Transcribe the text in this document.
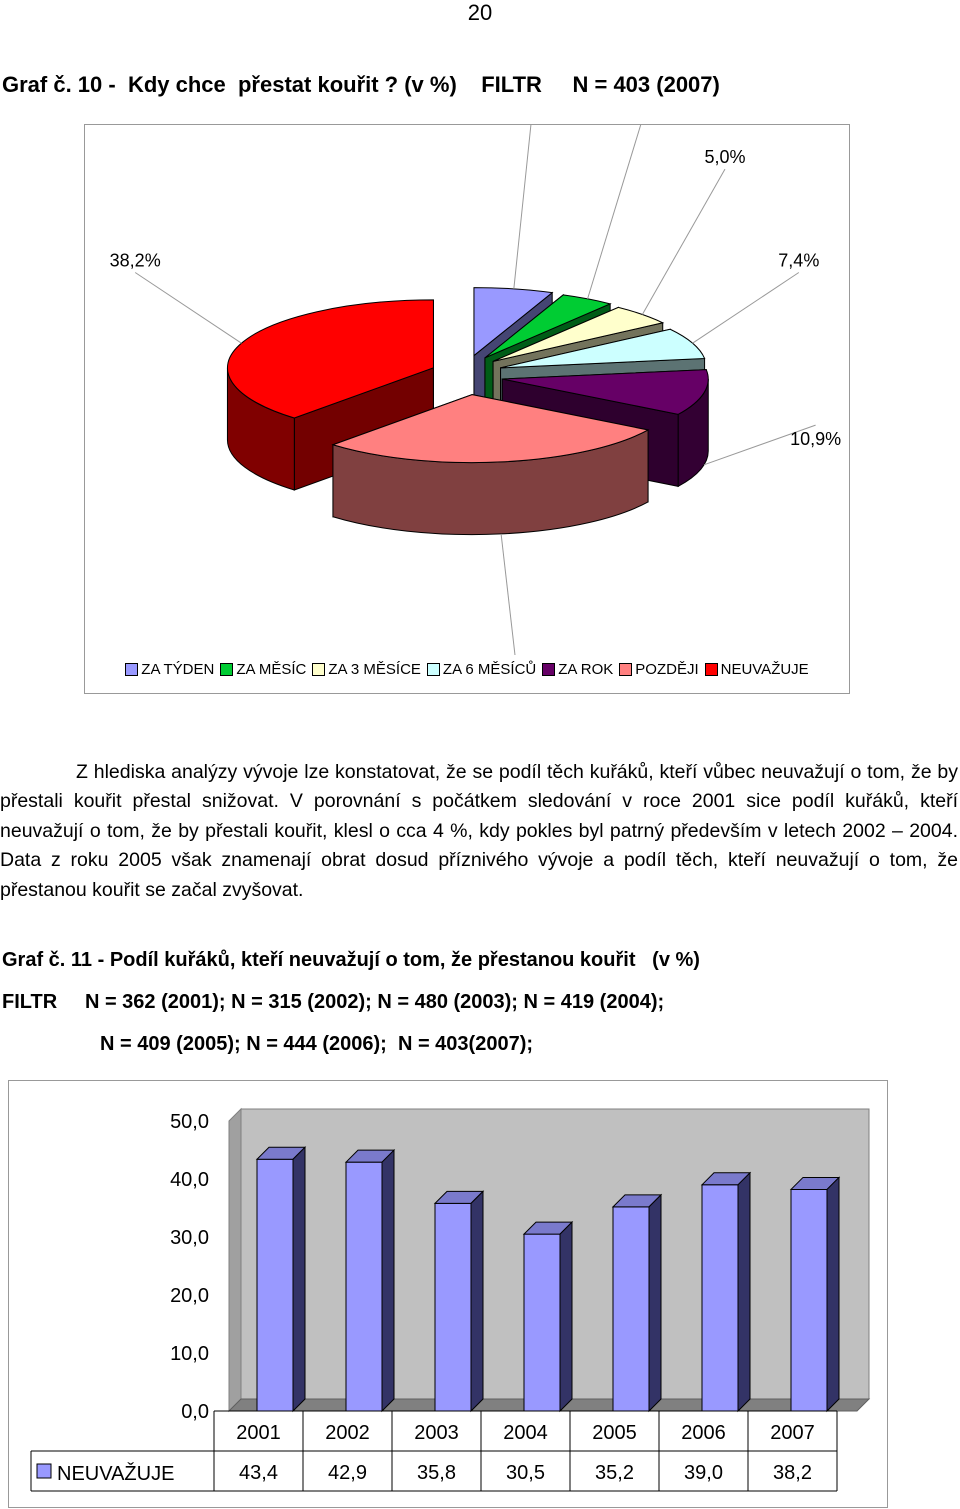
20
Graf č. 10 -  Kdy chce  přestat kouřit ? (v %)    FILTR     N = 403 (2007)
5,0%
7,4%
10,9%
38,2%
ZA TÝDEN ZA MĚSÍC ZA 3 MĚSÍCE ZA 6 MĚSÍCŮ ZA ROK POZDĚJI NEUVAŽUJE
Z hlediska analýzy vývoje lze konstatovat, že se podíl těch kuřáků, kteří vůbec neuvažují o tom, že by přestali kouřit přestal snižovat. V porovnání s počátkem sledování v roce 2001 sice podíl kuřáků, kteří neuvažují o tom, že by přestali kouřit, klesl o cca 4 %, kdy pokles byl patrný především v letech 2002 – 2004. Data z roku 2005 však znamenají obrat dosud příznivého vývoje a podíl těch, kteří neuvažují o tom, že přestanou kouřit se začal zvyšovat.
Graf č. 11 - Podíl kuřáků, kteří neuvažují o tom, že přestanou kouřit   (v %)
FILTR     N = 362 (2001); N = 315 (2002); N = 480 (2003); N = 419 (2004);
N = 409 (2005); N = 444 (2006);  N = 403(2007);
0,0
10,0
20,0
30,0
40,0
50,0
2001
43,4
2002
42,9
2003
35,8
2004
30,5
2005
35,2
2006
39,0
2007
38,2
NEUVAŽUJE
